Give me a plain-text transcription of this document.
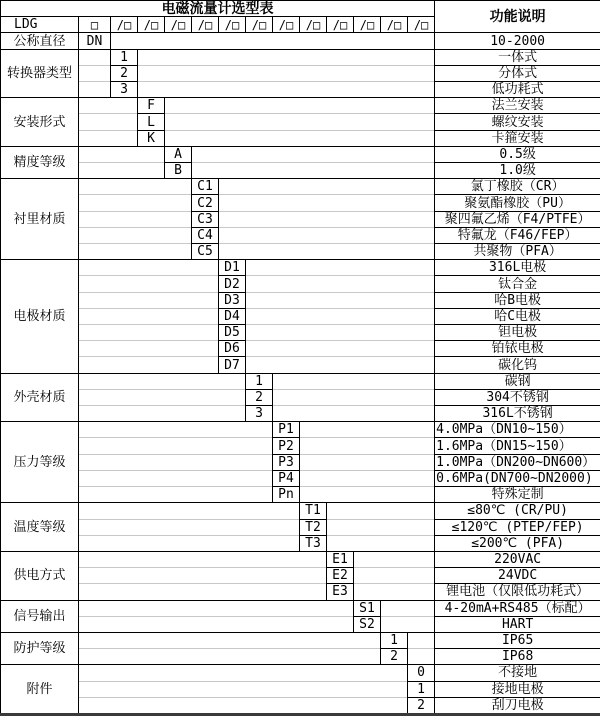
电磁流量计选型表														功能说明
LDG	□	/□	/□	/□	/□	/□	/□	/□	/□	/□	/□	/□	/□	
公称直径	DN													10-2000
转换器类型		1												一体式
		2												分体式
		3												低功耗式
安装形式			F											法兰安装
			L											螺纹安装
			K											卡箍安装
精度等级				A										0.5级
				B										1.0级
衬里材质					C1									氯丁橡胶（CR）
					C2									聚氨酯橡胶（PU）
					C3									聚四氟乙烯（F4/PTFE）
					C4									特氟龙（F46/FEP）
					C5									共聚物（PFA）
电极材质						D1								316L电极
						D2								钛合金
						D3								哈B电极
						D4								哈C电极
						D5								钽电极
						D6								铂铱电极
						D7								碳化钨
外壳材质							1							碳钢
							2							304不锈钢
							3							316L不锈钢
压力等级								P1						4.0MPa（DN10~150）
								P2						1.6MPa（DN15~150）
								P3						1.0MPa（DN200~DN600）
								P4						0.6MPa(DN700~DN2000)
								Pn						特殊定制
温度等级									T1					≤80℃ (CR/PU)
									T2					≤120℃ (PTEP/FEP)
									T3					≤200℃ (PFA)
供电方式										E1				220VAC
										E2				24VDC
										E3				锂电池（仅限低功耗式）
信号输出											S1			4-20mA+RS485（标配）
											S2			HART
防护等级												1		IP65
												2		IP68
附件													0	不接地
													1	接地电极
													2	刮刀电极
